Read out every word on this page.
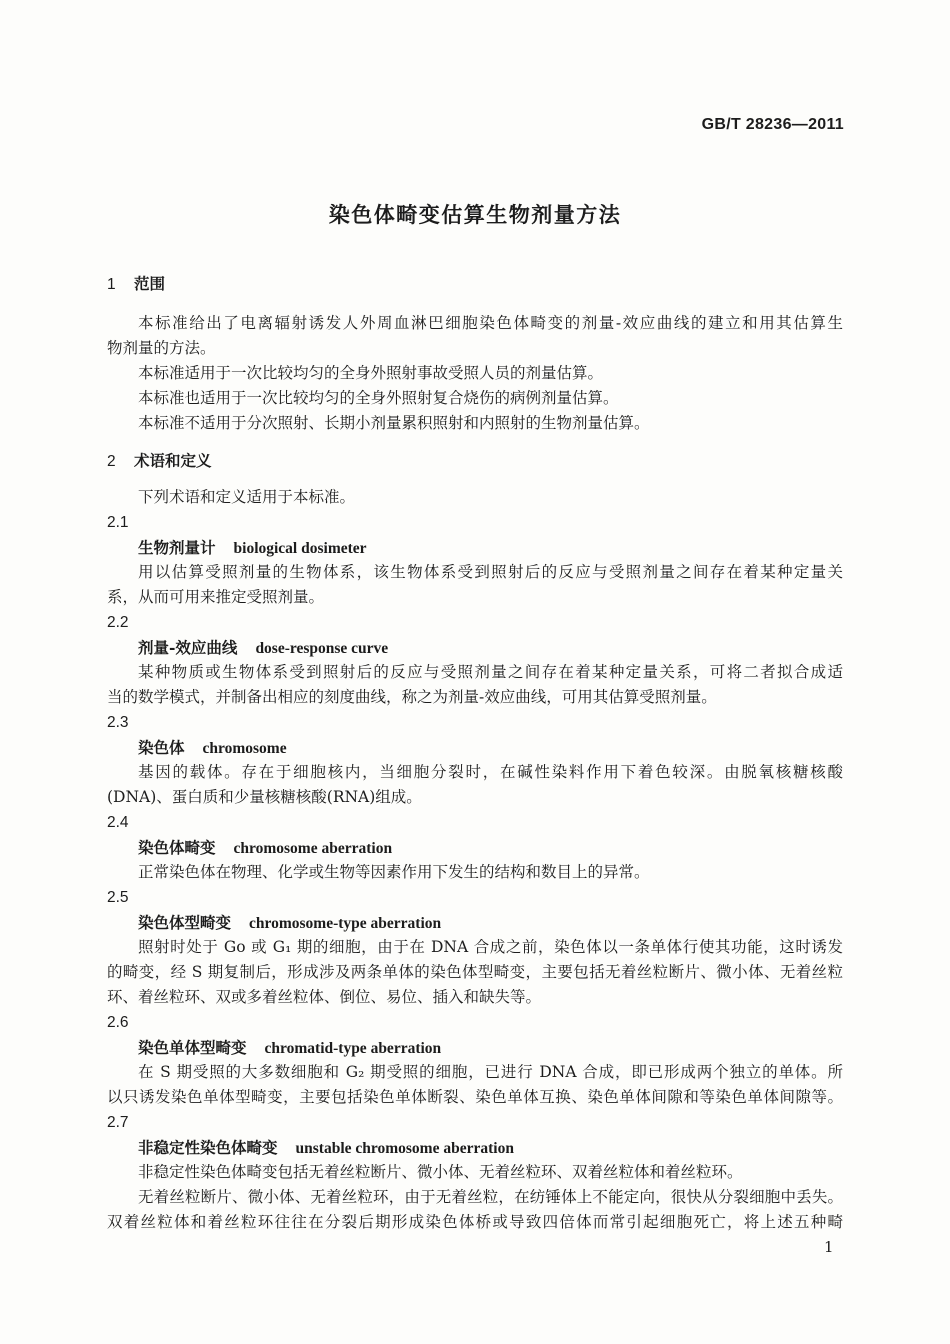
GB/T 28236—2011
染色体畸变估算生物剂量方法
1 范围
本标准给出了电离辐射诱发人外周血淋巴细胞染色体畸变的剂量-效应曲线的建立和用其估算生
物剂量的方法。
本标准适用于一次比较均匀的全身外照射事故受照人员的剂量估算。
本标准也适用于一次比较均匀的全身外照射复合烧伤的病例剂量估算。
本标准不适用于分次照射、长期小剂量累积照射和内照射的生物剂量估算。
2 术语和定义
下列术语和定义适用于本标准。
2.1
生物剂量计 biological dosimeter
用以估算受照剂量的生物体系，该生物体系受到照射后的反应与受照剂量之间存在着某种定量关
系，从而可用来推定受照剂量。
2.2
剂量-效应曲线 dose-response curve
某种物质或生物体系受到照射后的反应与受照剂量之间存在着某种定量关系，可将二者拟合成适
当的数学模式，并制备出相应的刻度曲线，称之为剂量-效应曲线，可用其估算受照剂量。
2.3
染色体 chromosome
基因的载体。存在于细胞核内，当细胞分裂时，在碱性染料作用下着色较深。由脱氧核糖核酸
(DNA)、蛋白质和少量核糖核酸(RNA)组成。
2.4
染色体畸变 chromosome aberration
正常染色体在物理、化学或生物等因素作用下发生的结构和数目上的异常。
2.5
染色体型畸变 chromosome-type aberration
照射时处于 Go 或 G₁ 期的细胞，由于在 DNA 合成之前，染色体以一条单体行使其功能，这时诱发
的畸变，经 S 期复制后，形成涉及两条单体的染色体型畸变，主要包括无着丝粒断片、微小体、无着丝粒
环、着丝粒环、双或多着丝粒体、倒位、易位、插入和缺失等。
2.6
染色单体型畸变 chromatid-type aberration
在 S 期受照的大多数细胞和 G₂ 期受照的细胞，已进行 DNA 合成，即已形成两个独立的单体。所
以只诱发染色单体型畸变，主要包括染色单体断裂、染色单体互换、染色单体间隙和等染色单体间隙等。
2.7
非稳定性染色体畸变 unstable chromosome aberration
非稳定性染色体畸变包括无着丝粒断片、微小体、无着丝粒环、双着丝粒体和着丝粒环。
无着丝粒断片、微小体、无着丝粒环，由于无着丝粒，在纺锤体上不能定向，很快从分裂细胞中丢失。
双着丝粒体和着丝粒环往往在分裂后期形成染色体桥或导致四倍体而常引起细胞死亡，将上述五种畸
1
